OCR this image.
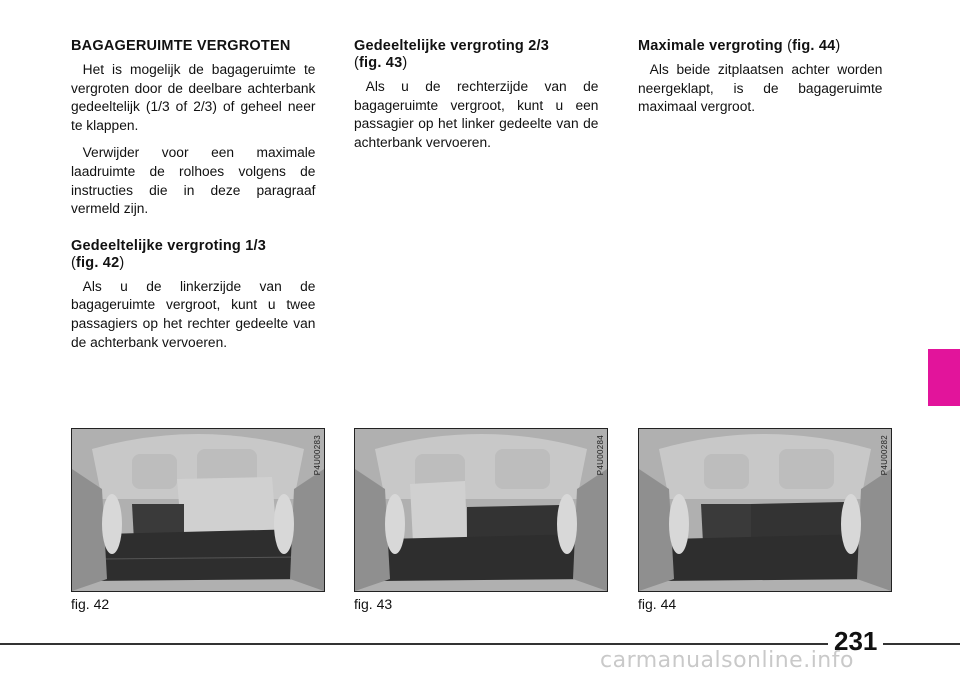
BAGAGERUIMTE VERGROTEN

Het is mogelijk de bagageruimte te vergroten door de deelbare achterbank gedeeltelijk (1/3 of 2/3) of geheel neer te klappen.

Verwijder voor een maximale laadruimte de rolhoes volgens de instructies die in deze paragraaf vermeld zijn.

Gedeeltelijke vergroting 1/3
(fig. 42)

Als u de linkerzijde van de bagageruimte vergroot, kunt u twee passagiers op het rechter gedeelte van de achterbank vervoeren.

Gedeeltelijke vergroting 2/3
(fig. 43)

Als u de rechterzijde van de bagageruimte vergroot, kunt u een passagier op het linker gedeelte van de achterbank vervoeren.

Maximale vergroting (fig. 44)

Als beide zitplaatsen achter worden neergeklapt, is de bagageruimte maximaal vergroot.

P4U00283
fig. 42
P4U00284
fig. 43
P4U00282
fig. 44
231
carmanualsonline.info
